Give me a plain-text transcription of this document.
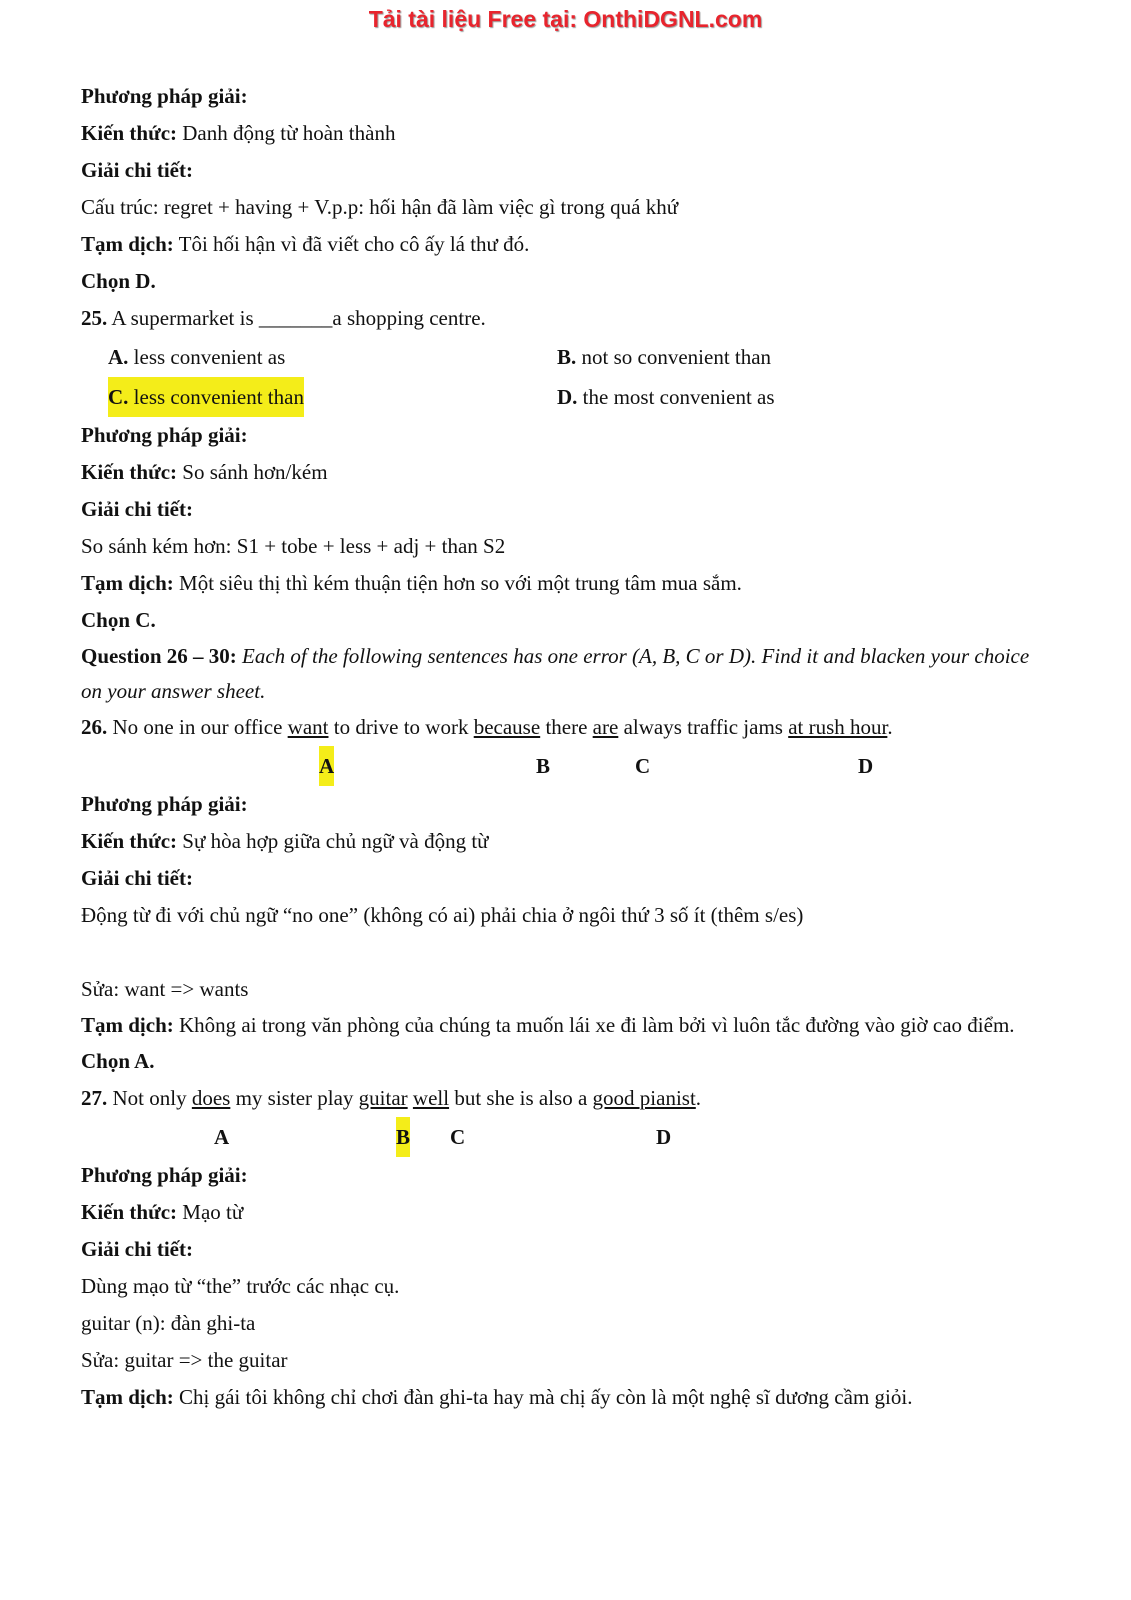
Tải tài liệu Free tại: OnthiDGNL.com
Phương pháp giải:
Kiến thức: Danh động từ hoàn thành
Giải chi tiết:
Cấu trúc: regret + having + V.p.p: hối hận đã làm việc gì trong quá khứ
Tạm dịch: Tôi hối hận vì đã viết cho cô ấy lá thư đó.
Chọn D.
25. A supermarket is _______a shopping centre.
A. less convenient as	B. not so convenient than
C. less convenient than	D. the most convenient as
Phương pháp giải:
Kiến thức: So sánh hơn/kém
Giải chi tiết:
So sánh kém hơn: S1 + tobe + less + adj + than S2
Tạm dịch: Một siêu thị thì kém thuận tiện hơn so với một trung tâm mua sắm.
Chọn C.
Question 26 – 30: Each of the following sentences has one error (A, B, C or D). Find it and blacken your choice on your answer sheet.
26. No one in our office want to drive to work because there are always traffic jams at rush hour.
A	B	C	D
Phương pháp giải:
Kiến thức: Sự hòa hợp giữa chủ ngữ và động từ
Giải chi tiết:
Động từ đi với chủ ngữ “no one” (không có ai) phải chia ở ngôi thứ 3 số ít (thêm s/es)
Sửa: want => wants
Tạm dịch: Không ai trong văn phòng của chúng ta muốn lái xe đi làm bởi vì luôn tắc đường vào giờ cao điểm.
Chọn A.
27. Not only does my sister play guitar well but she is also a good pianist.
A	B C	D
Phương pháp giải:
Kiến thức: Mạo từ
Giải chi tiết:
Dùng mạo từ “the” trước các nhạc cụ.
guitar (n): đàn ghi-ta
Sửa: guitar => the guitar
Tạm dịch: Chị gái tôi không chỉ chơi đàn ghi-ta hay mà chị ấy còn là một nghệ sĩ dương cầm giỏi.
